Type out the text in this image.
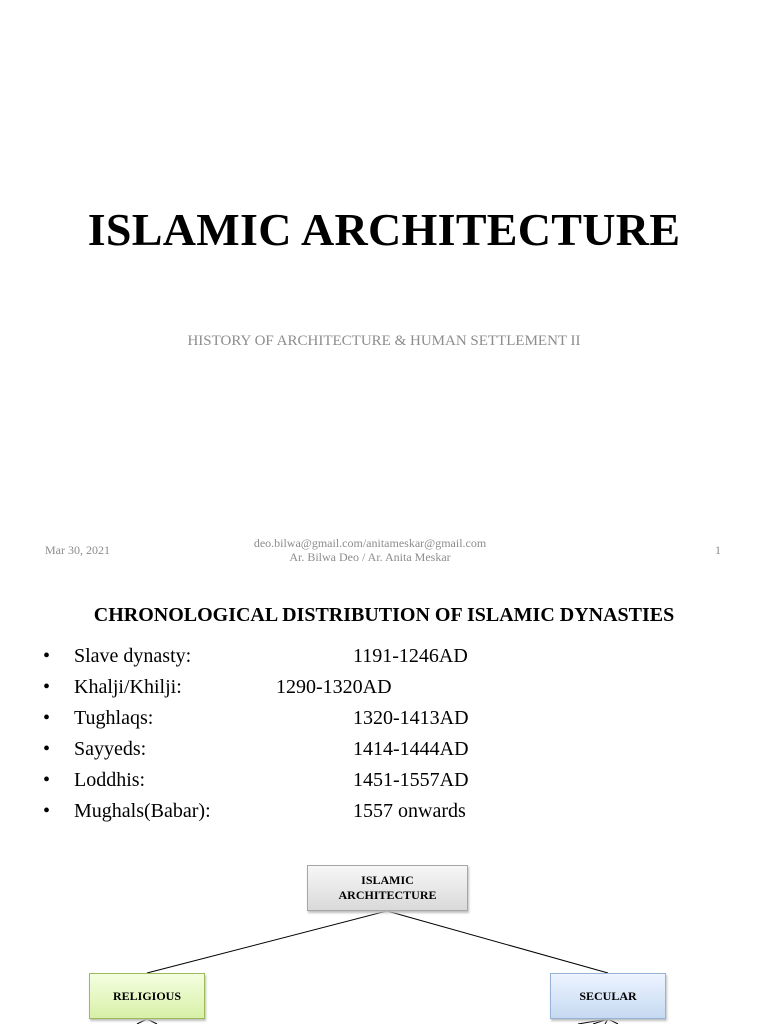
ISLAMIC ARCHITECTURE
HISTORY OF ARCHITECTURE & HUMAN SETTLEMENT II
Mar 30, 2021	deo.bilwa@gmail.com/anitameskar@gmail.com
Ar. Bilwa Deo / Ar. Anita Meskar	1
CHRONOLOGICAL DISTRIBUTION OF ISLAMIC DYNASTIES
• Slave dynasty:	1191-1246AD
• Khalji/Khilji:	1290-1320AD
• Tughlaqs:	1320-1413AD
• Sayyeds:	1414-1444AD
• Loddhis:	1451-1557AD
• Mughals(Babar):	1557 onwards
ISLAMIC ARCHITECTURE
RELIGIOUS	SECULAR
